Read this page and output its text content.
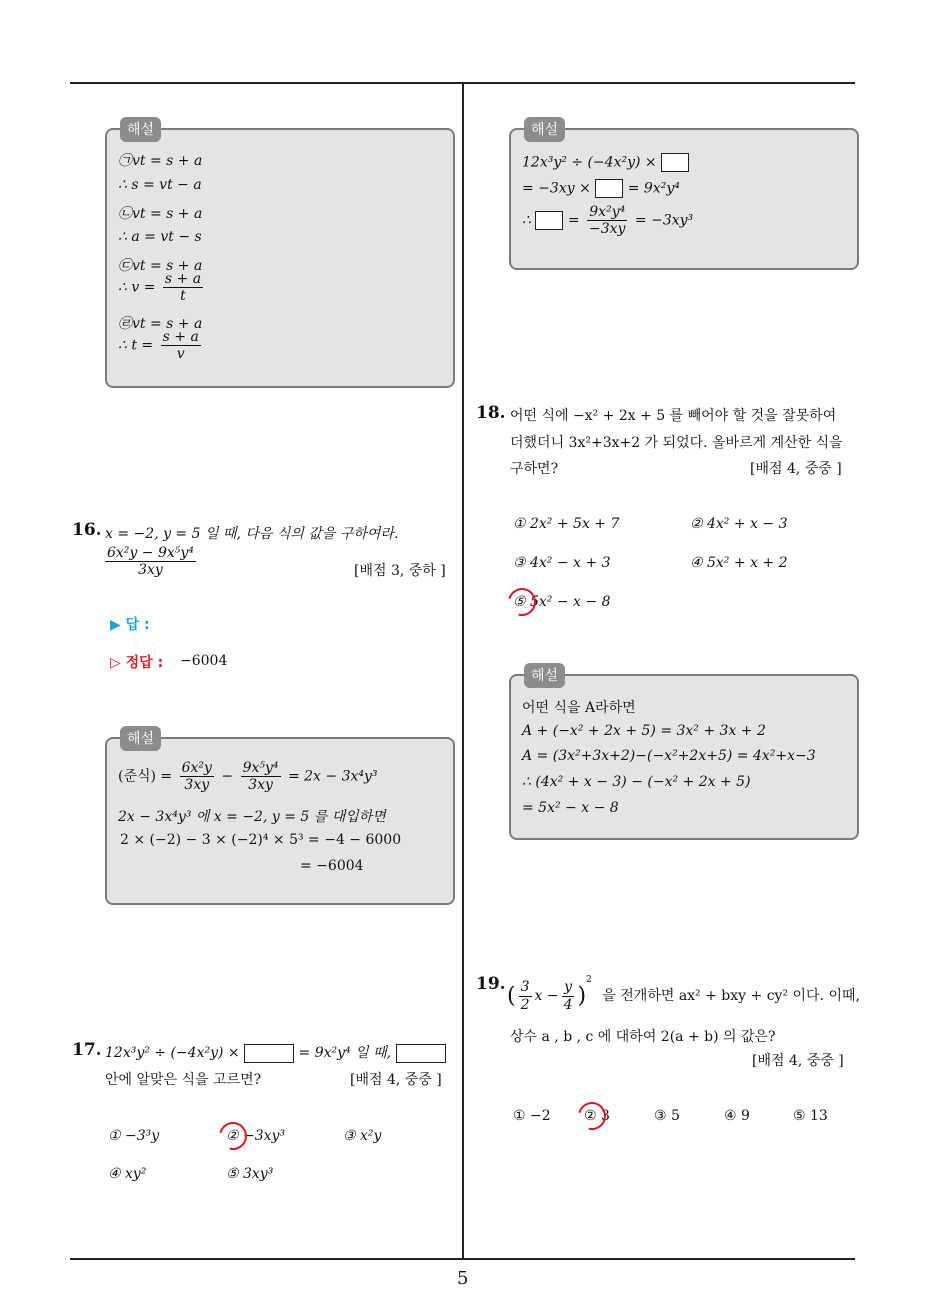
5
해설
㉠vt = s + a
∴ s = vt − a
㉡vt = s + a
∴ a = vt − s
㉢vt = s + a
∴ $v = \frac{s + a}{t}$
㉣vt = s + a
∴ $t = \frac{s + a}{v}$
16. x = −2, y = 5 일 때, 다음 식의 값을 구하여라.
$\frac{\text{6x²y − 9x⁵y⁴}}{3xy}$	[배점 3, 중하 ]
▶ 답 :
▷ 정답 : −6004
해설
(준식) = $\frac{\text{6x²y}}{3xy} - \frac{\text{9x⁵y⁴}}{3xy} = 2x - 3x^4y^3$
2x − 3x⁴y³ 에 x = −2, y = 5 를 대입하면
2 × (−2) − 3 × (−2)⁴ × 5³ = −4 − 6000
= −6004
17. 12x³y² ÷ (−4x²y) ×	= 9x²y⁴ 일 때,
안에 알맞은 식을 고르면?	[배점 4, 중중 ]
① −3³y	② −3xy³	③ x²y
④ xy²	⑤ 3xy³
해설
12x³y² ÷ (−4x²y) ×
= −3xy ×	= 9x²y⁴
∴	= $\frac{\text{9x²y⁴}}{-3xy} = -3xy^3$
18. 어떤 식에 −x² + 2x + 5 를 빼어야 할 것을 잘못하여
더했더니 3x²+3x+2 가 되었다. 올바르게 계산한 식을
구하면?	[배점 4, 중중 ]
① 2x² + 5x + 7	② 4x² + x − 3
③ 4x² − x + 3	④ 5x² + x + 2
⑤ 5x² − x − 8
해설
어떤 식을 A라하면
A + (−x² + 2x + 5) = 3x² + 3x + 2
A = (3x²+3x+2)−(−x²+2x+5) = 4x²+x−3
∴ (4x² + x − 3) − (−x² + 2x + 5)
= 5x² − x − 8
19. ( $\frac{3}{2}$ $x - \frac{y}{4} )^2$ 을 전개하면 ax² + bxy + cy² 이다. 이때,
상수 a , b , c 에 대하여 2(a + b) 의 값은?
[배점 4, 중중 ]
① −2 ② 3	③ 5	④ 9	⑤ 13
